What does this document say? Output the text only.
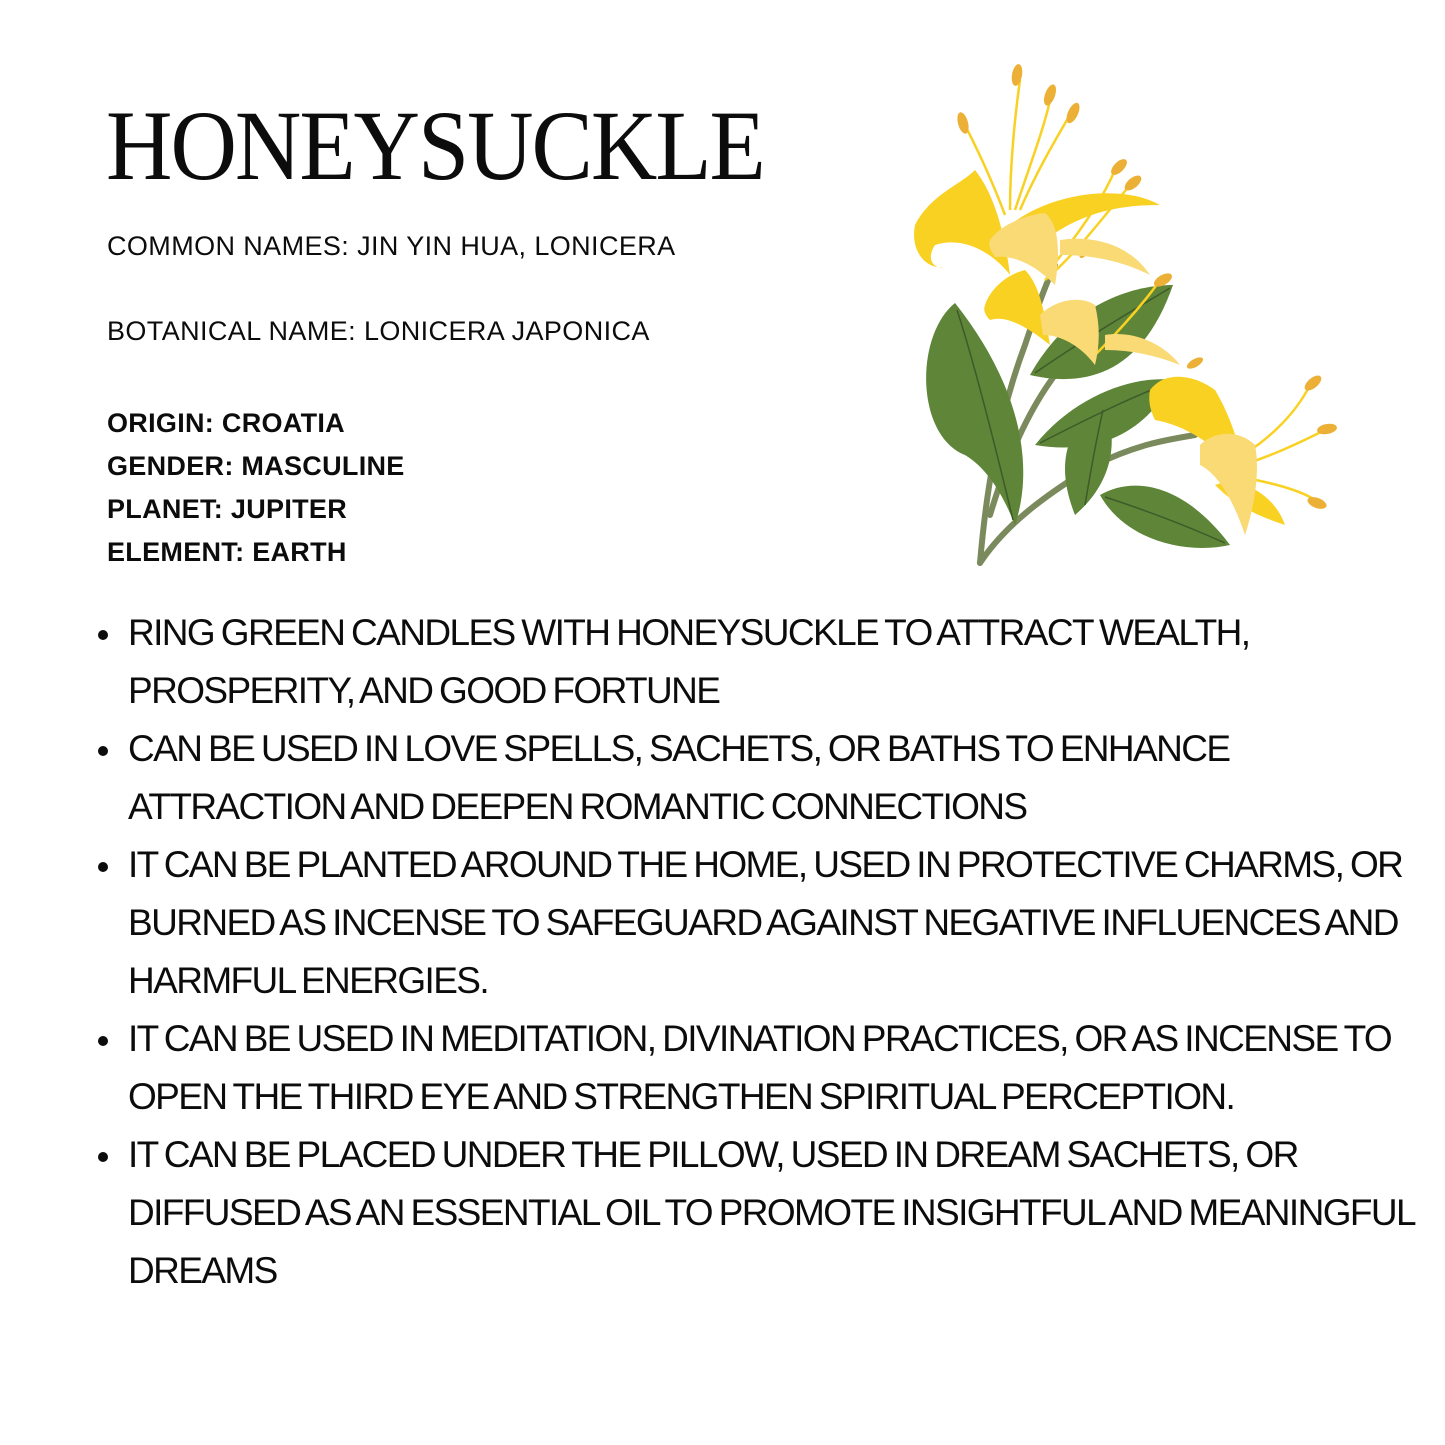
HONEYSUCKLE

COMMON NAMES: JIN YIN HUA, LONICERA

BOTANICAL NAME: LONICERA JAPONICA

ORIGIN: CROATIA
GENDER: MASCULINE
PLANET: JUPITER
ELEMENT: EARTH
RING GREEN CANDLES WITH HONEYSUCKLE TO ATTRACT WEALTH, PROSPERITY, AND GOOD FORTUNE
CAN BE USED IN LOVE SPELLS, SACHETS, OR BATHS TO ENHANCE ATTRACTION AND DEEPEN ROMANTIC CONNECTIONS
IT CAN BE PLANTED AROUND THE HOME, USED IN PROTECTIVE CHARMS, OR BURNED AS INCENSE TO SAFEGUARD AGAINST NEGATIVE INFLUENCES AND HARMFUL ENERGIES.
IT CAN BE USED IN MEDITATION, DIVINATION PRACTICES, OR AS INCENSE TO OPEN THE THIRD EYE AND STRENGTHEN SPIRITUAL PERCEPTION.
IT CAN BE PLACED UNDER THE PILLOW, USED IN DREAM SACHETS, OR DIFFUSED AS AN ESSENTIAL OIL TO PROMOTE INSIGHTFUL AND MEANINGFUL DREAMS
